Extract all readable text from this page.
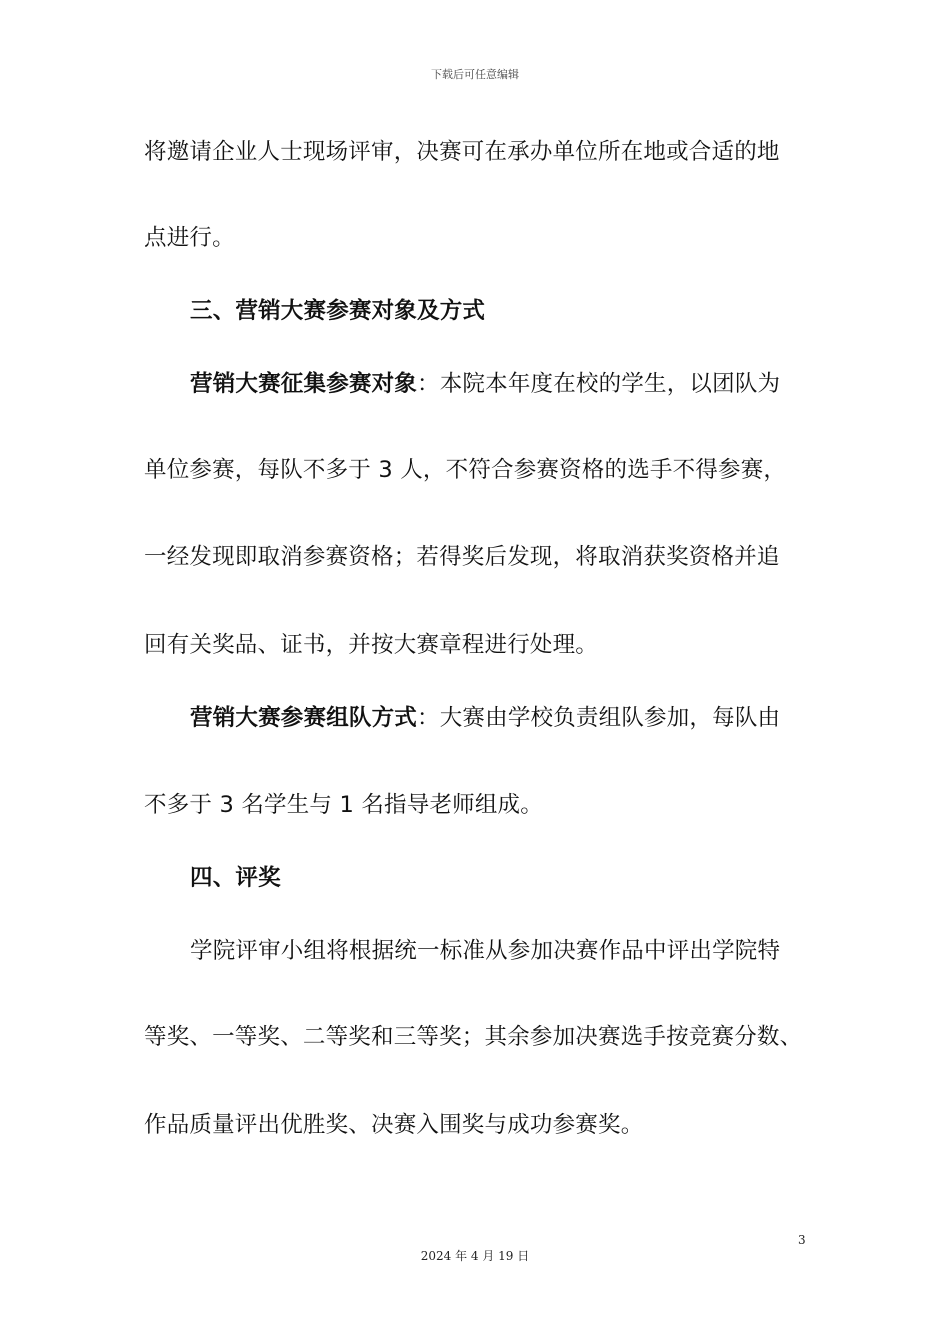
下载后可任意编辑
将邀请企业人士现场评审，决赛可在承办单位所在地或合适的地
点进行。
三、营销大赛参赛对象及方式
营销大赛征集参赛对象：本院本年度在校的学生，以团队为
单位参赛，每队不多于 3 人，不符合参赛资格的选手不得参赛，
一经发现即取消参赛资格；若得奖后发现，将取消获奖资格并追
回有关奖品、证书，并按大赛章程进行处理。
营销大赛参赛组队方式：大赛由学校负责组队参加，每队由
不多于 3 名学生与 1 名指导老师组成。
四、评奖
学院评审小组将根据统一标准从参加决赛作品中评出学院特
等奖、一等奖、二等奖和三等奖；其余参加决赛选手按竞赛分数、
作品质量评出优胜奖、决赛入围奖与成功参赛奖。
3
2024 年 4 月 19 日
